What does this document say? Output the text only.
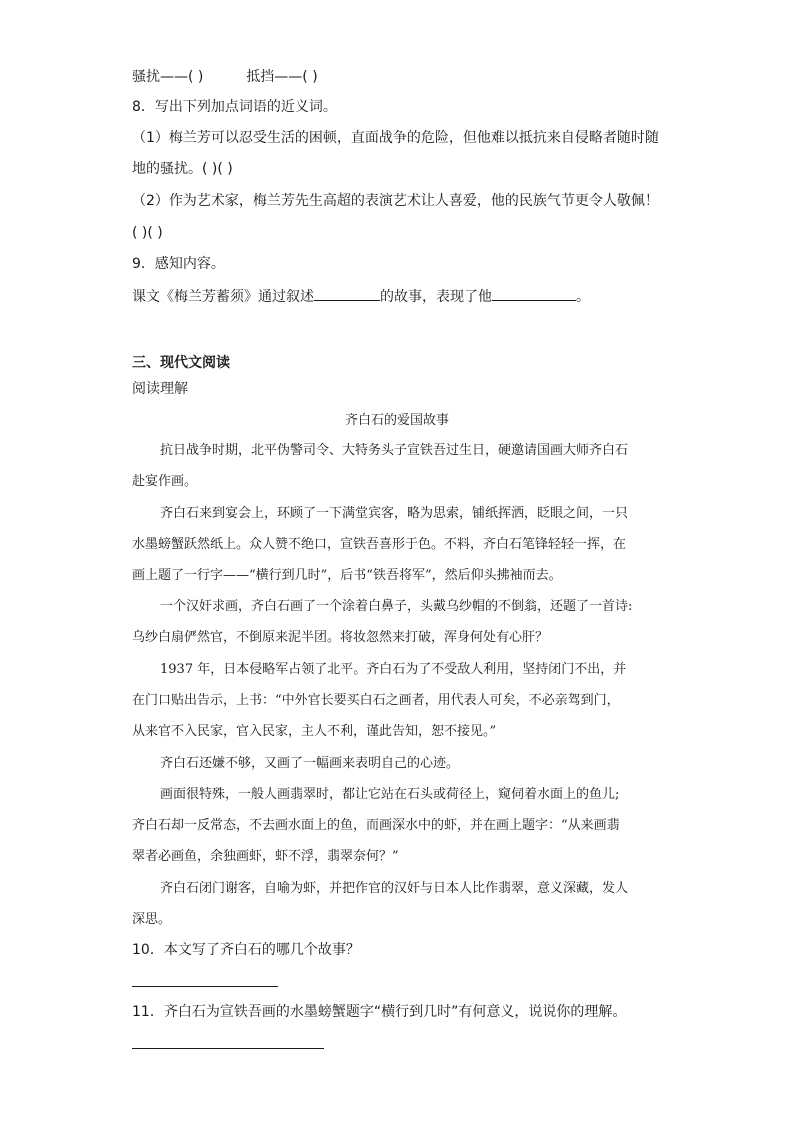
骚扰——( )	抵挡——( )
8．写出下列加点词语的近义词。
（1）梅兰芳可以忍受生活的困顿，直面战争的危险，但他难以抵抗来自侵略者随时随
地的骚扰。( )( )
（2）作为艺术家，梅兰芳先生高超的表演艺术让人喜爱，他的民族气节更令人敬佩！
( )( )
9．感知内容。
课文《梅兰芳蓄须》通过叙述	的故事，表现了他	。
三、现代文阅读
阅读理解
齐白石的爱国故事
抗日战争时期，北平伪警司令、大特务头子宣铁吾过生日，硬邀请国画大师齐白石
赴宴作画。
齐白石来到宴会上，环顾了一下满堂宾客，略为思索，铺纸挥洒，眨眼之间，一只
水墨螃蟹跃然纸上。众人赞不绝口，宣铁吾喜形于色。不料，齐白石笔锋轻轻一挥，在
画上题了一行字——“横行到几时”，后书“铁吾将军”，然后仰头拂袖而去。
一个汉奸求画，齐白石画了一个涂着白鼻子，头戴乌纱帽的不倒翁，还题了一首诗:
乌纱白扇俨然官，不倒原来泥半团。将妆忽然来打破，浑身何处有心肝？
1937 年，日本侵略军占领了北平。齐白石为了不受敌人利用，坚持闭门不出，并
在门口贴出告示，上书：“中外官长要买白石之画者，用代表人可矣，不必亲驾到门，
从来官不入民家，官入民家，主人不利，谨此告知，恕不接见。”
齐白石还嫌不够，又画了一幅画来表明自己的心迹。
画面很特殊，一般人画翡翠时，都让它站在石头或荷径上，窥伺着水面上的鱼儿;
齐白石却一反常态，不去画水面上的鱼，而画深水中的虾，并在画上题字：“从来画翡
翠者必画鱼，余独画虾，虾不浮，翡翠奈何？”
齐白石闭门谢客，自喻为虾，并把作官的汉奸与日本人比作翡翠，意义深藏，发人
深思。
10．本文写了齐白石的哪几个故事？
11．齐白石为宣铁吾画的水墨螃蟹题字“横行到几时”有何意义，说说你的理解。
